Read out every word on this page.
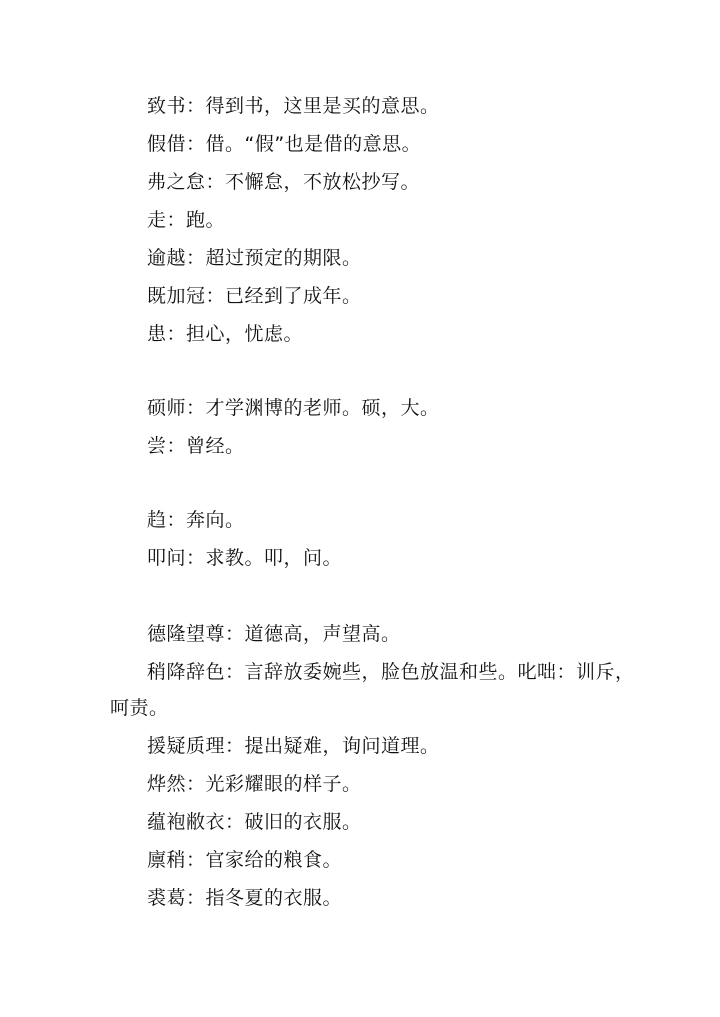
致书：得到书，这里是买的意思。
假借：借。“假”也是借的意思。
弗之怠：不懈怠，不放松抄写。
走：跑。
逾越：超过预定的期限。
既加冠：已经到了成年。
患：担心，忧虑。
硕师：才学渊博的老师。硕，大。
尝：曾经。
趋：奔向。
叩问：求教。叩，问。
德隆望尊：道德高，声望高。
稍降辞色：言辞放委婉些，脸色放温和些。叱咄：训斥，
呵责。
援疑质理：提出疑难，询问道理。
烨然：光彩耀眼的样子。
蕴袍敝衣：破旧的衣服。
廪稍：官家给的粮食。
裘葛：指冬夏的衣服。
